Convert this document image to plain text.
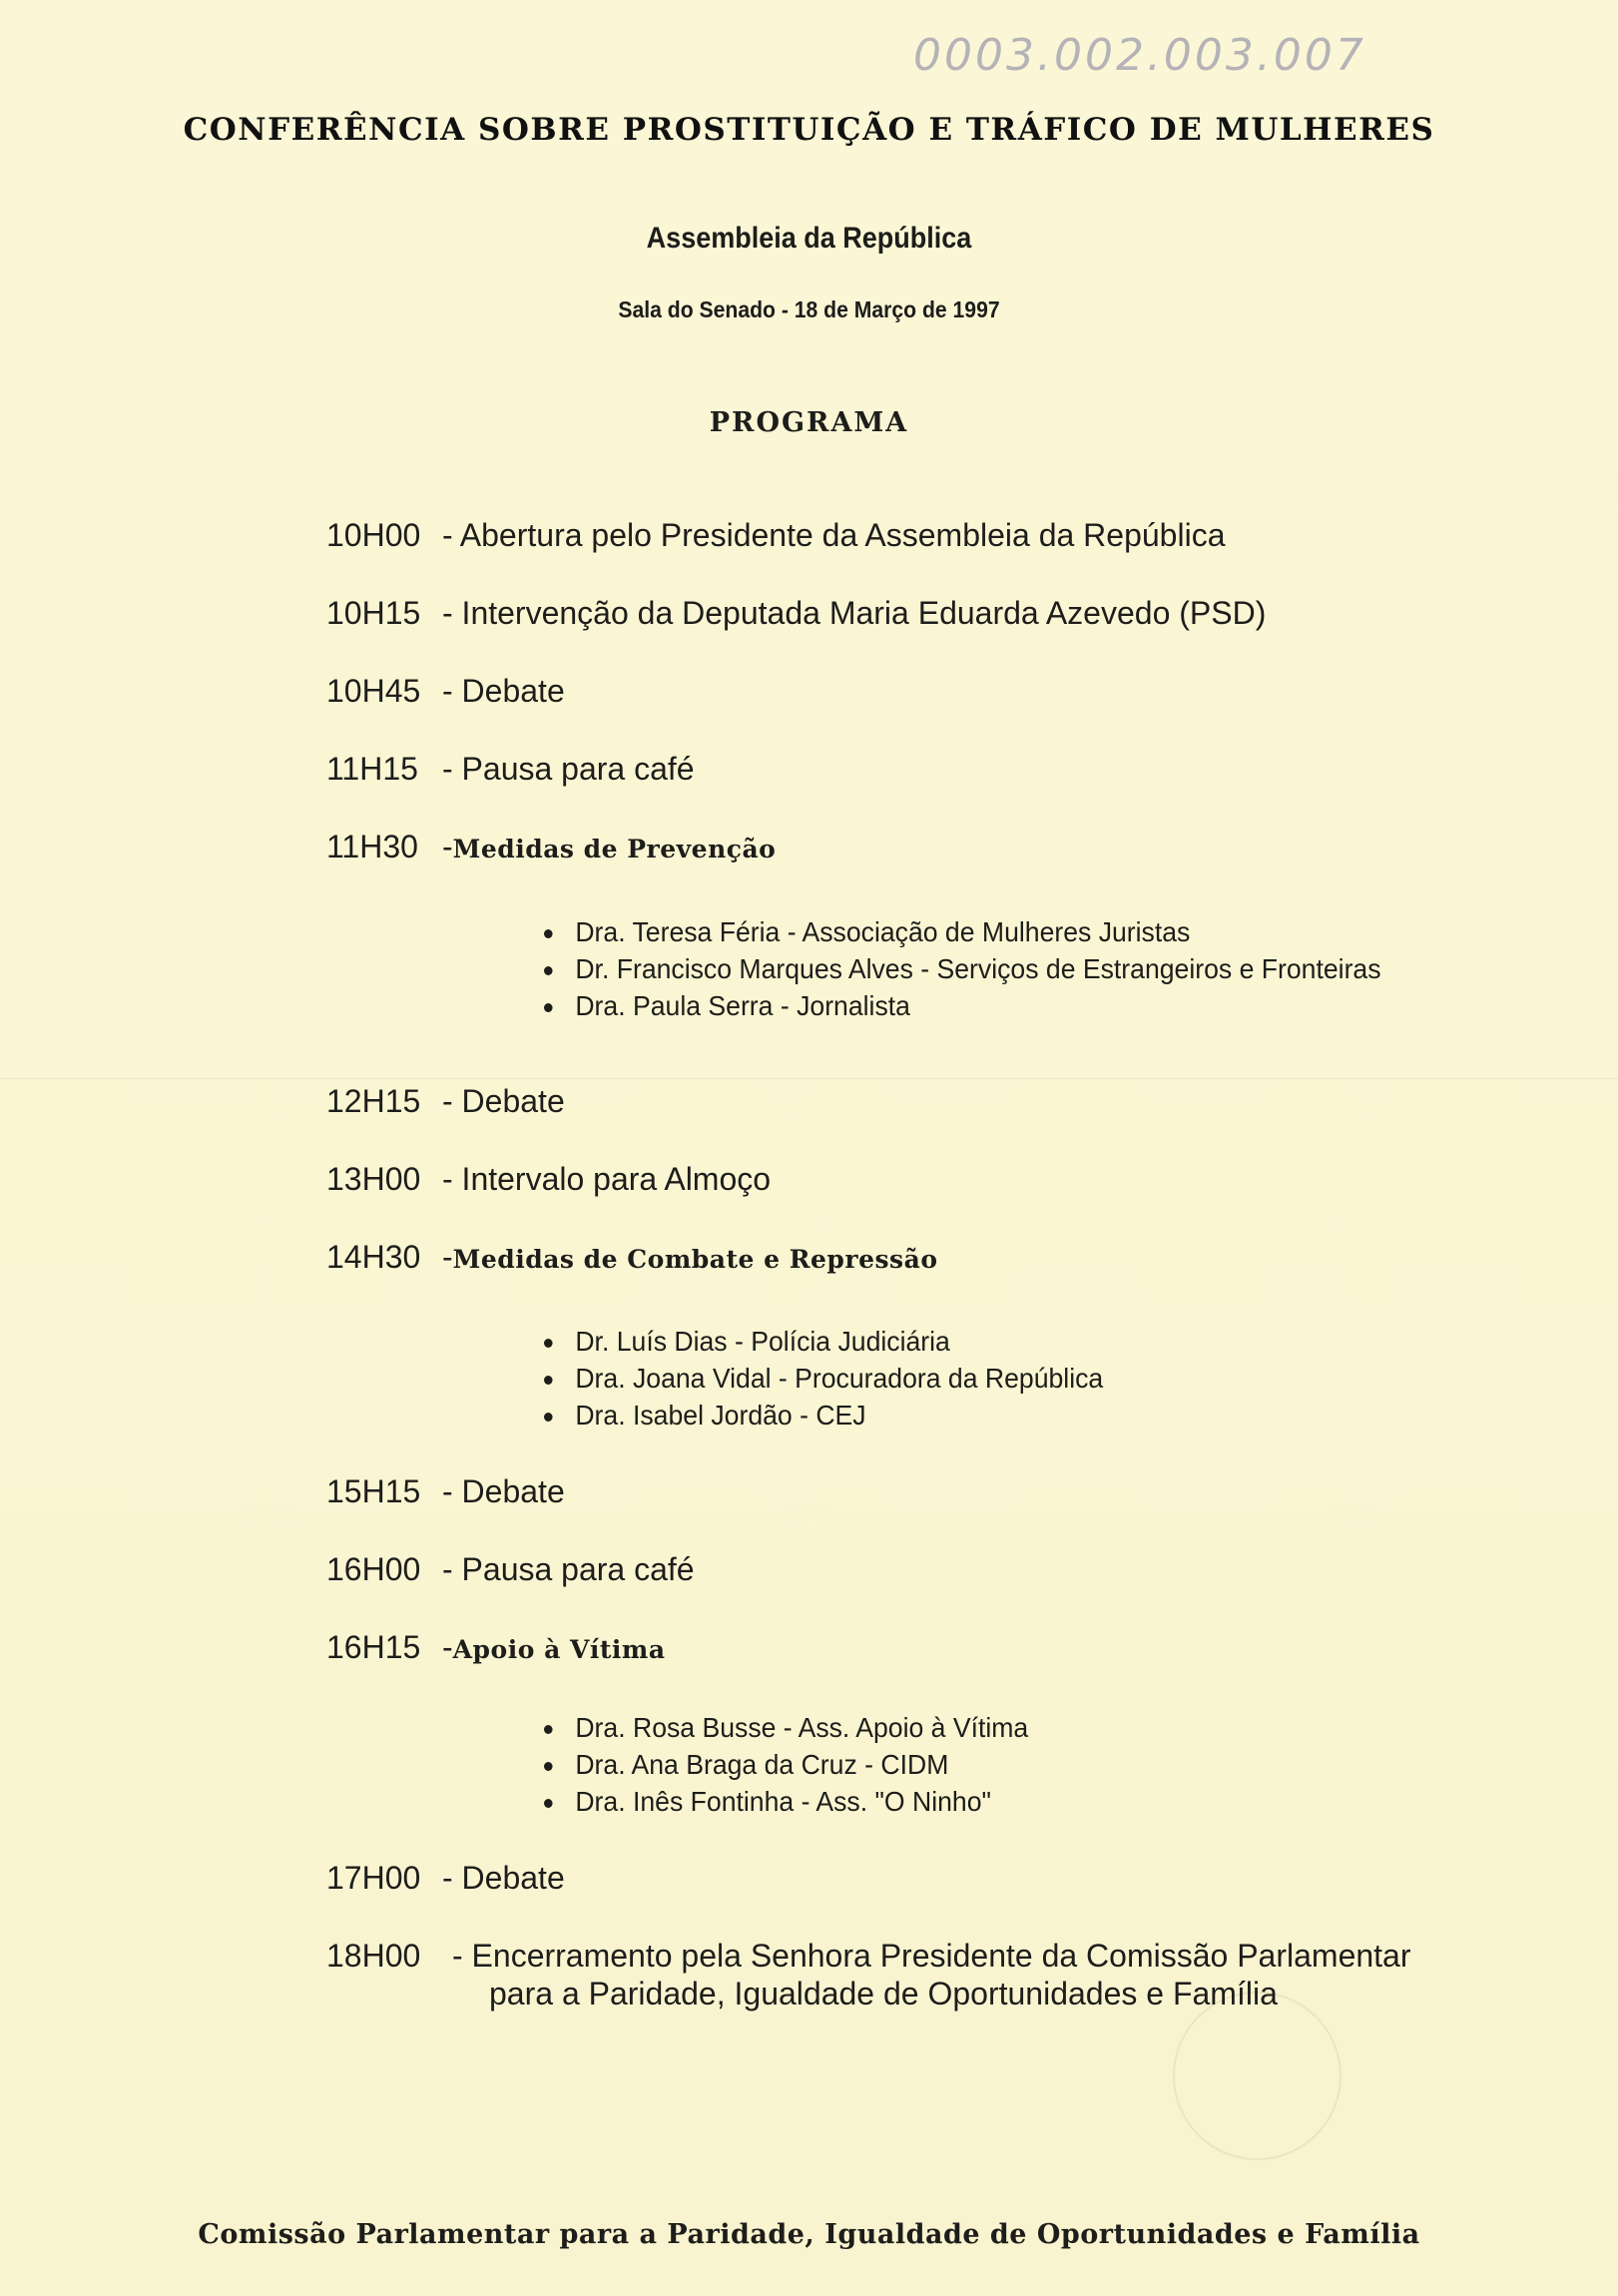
0003.002.003.007
CONFERÊNCIA SOBRE PROSTITUIÇÃO E TRÁFICO DE MULHERES
Assembleia da República
Sala do Senado - 18 de Março de 1997
PROGRAMA
10H00 - Abertura pelo Presidente da Assembleia da República
10H15 - Intervenção da Deputada Maria Eduarda Azevedo (PSD)
10H45 - Debate
11H15 - Pausa para café
11H30 -Medidas de Prevenção
Dra. Teresa Féria - Associação de Mulheres Juristas
Dr. Francisco Marques Alves - Serviços de Estrangeiros e Fronteiras
Dra. Paula Serra - Jornalista
12H15 - Debate
13H00 - Intervalo para Almoço
14H30 -Medidas de Combate e Repressão
Dr. Luís Dias - Polícia Judiciária
Dra. Joana Vidal - Procuradora da República
Dra. Isabel Jordão - CEJ
15H15 - Debate
16H00 - Pausa para café
16H15 -Apoio à Vítima
Dra. Rosa Busse - Ass. Apoio à Vítima
Dra. Ana Braga da Cruz - CIDM
Dra. Inês Fontinha - Ass. "O Ninho"
17H00 - Debate
18H00 - Encerramento pela Senhora Presidente da Comissão Parlamentar
para a Paridade, Igualdade de Oportunidades e Família
Comissão Parlamentar para a Paridade, Igualdade de Oportunidades e Família
